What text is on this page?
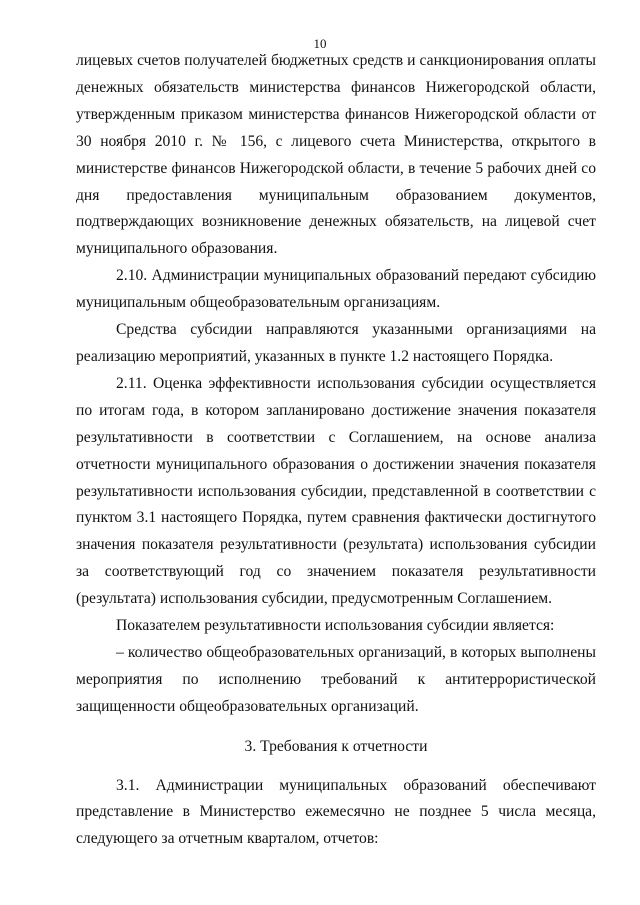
10

лицевых счетов получателей бюджетных средств и санкционирования оплаты денежных обязательств министерства финансов Нижегородской области, утвержденным приказом министерства финансов Нижегородской области от 30 ноября 2010 г. № 156, с лицевого счета Министерства, открытого в министерстве финансов Нижегородской области, в течение 5 рабочих дней со дня предоставления муниципальным образованием документов, подтверждающих возникновение денежных обязательств, на лицевой счет муниципального образования.

2.10. Администрации муниципальных образований передают субсидию муниципальным общеобразовательным организациям.

Средства субсидии направляются указанными организациями на реализацию мероприятий, указанных в пункте 1.2 настоящего Порядка.

2.11. Оценка эффективности использования субсидии осуществляется по итогам года, в котором запланировано достижение значения показателя результативности в соответствии с Соглашением, на основе анализа отчетности муниципального образования о достижении значения показателя результативности использования субсидии, представленной в соответствии с пунктом 3.1 настоящего Порядка, путем сравнения фактически достигнутого значения показателя результативности (результата) использования субсидии за соответствующий год со значением показателя результативности (результата) использования субсидии, предусмотренным Соглашением.

Показателем результативности использования субсидии является:

– количество общеобразовательных организаций, в которых выполнены мероприятия по исполнению требований к антитеррористической защищенности общеобразовательных организаций.

3. Требования к отчетности

3.1. Администрации муниципальных образований обеспечивают представление в Министерство ежемесячно не позднее 5 числа месяца, следующего за отчетным кварталом, отчетов:
